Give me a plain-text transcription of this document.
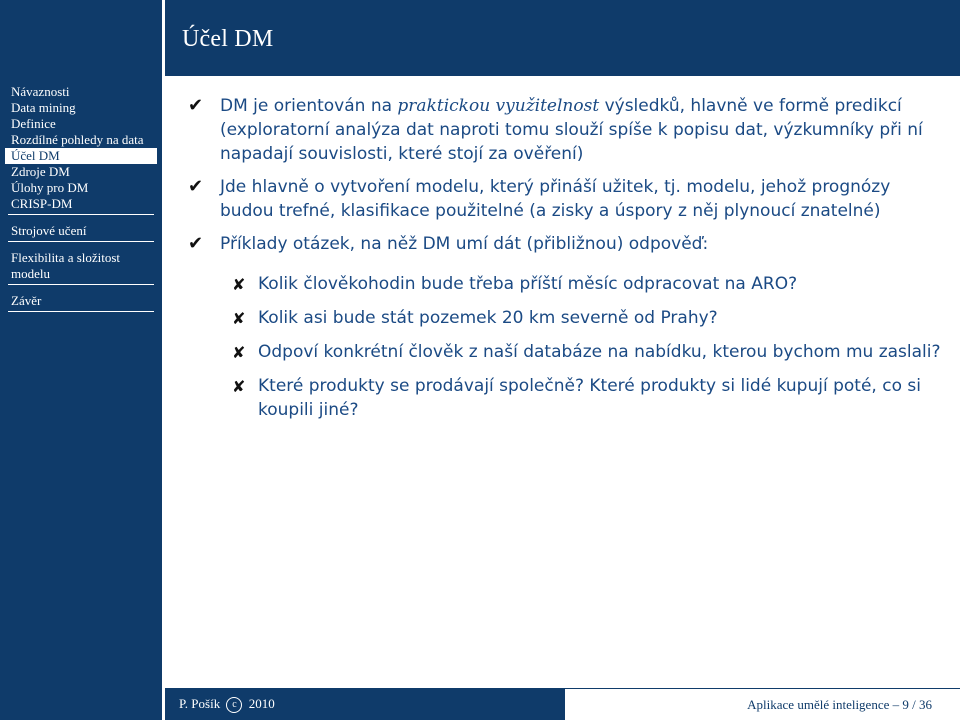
Účel DM
Návaznosti
Data mining
Definice
Rozdílné pohledy na data
Účel DM
Zdroje DM
Úlohy pro DM
CRISP-DM
Strojové učení
Flexibilita a složitost modelu
Závěr
✔ DM je orientován na praktickou využitelnost výsledků, hlavně ve formě predikcí (exploratorní analýza dat naproti tomu slouží spíše k popisu dat, výzkumníky při ní napadají souvislosti, které stojí za ověření)
✔ Jde hlavně o vytvoření modelu, který přináší užitek, tj. modelu, jehož prognózy budou trefné, klasifikace použitelné (a zisky a úspory z něj plynoucí znatelné)
✔ Příklady otázek, na něž DM umí dát (přibližnou) odpověď:
✘ Kolik člověkohodin bude třeba příští měsíc odpracovat na ARO?
✘ Kolik asi bude stát pozemek 20 km severně od Prahy?
✘ Odpoví konkrétní člověk z naší databáze na nabídku, kterou bychom mu zaslali?
✘ Které produkty se prodávají společně? Které produkty si lidé kupují poté, co si koupili jiné?
P. Pošík c 2010	Aplikace umělé inteligence – 9 / 36
